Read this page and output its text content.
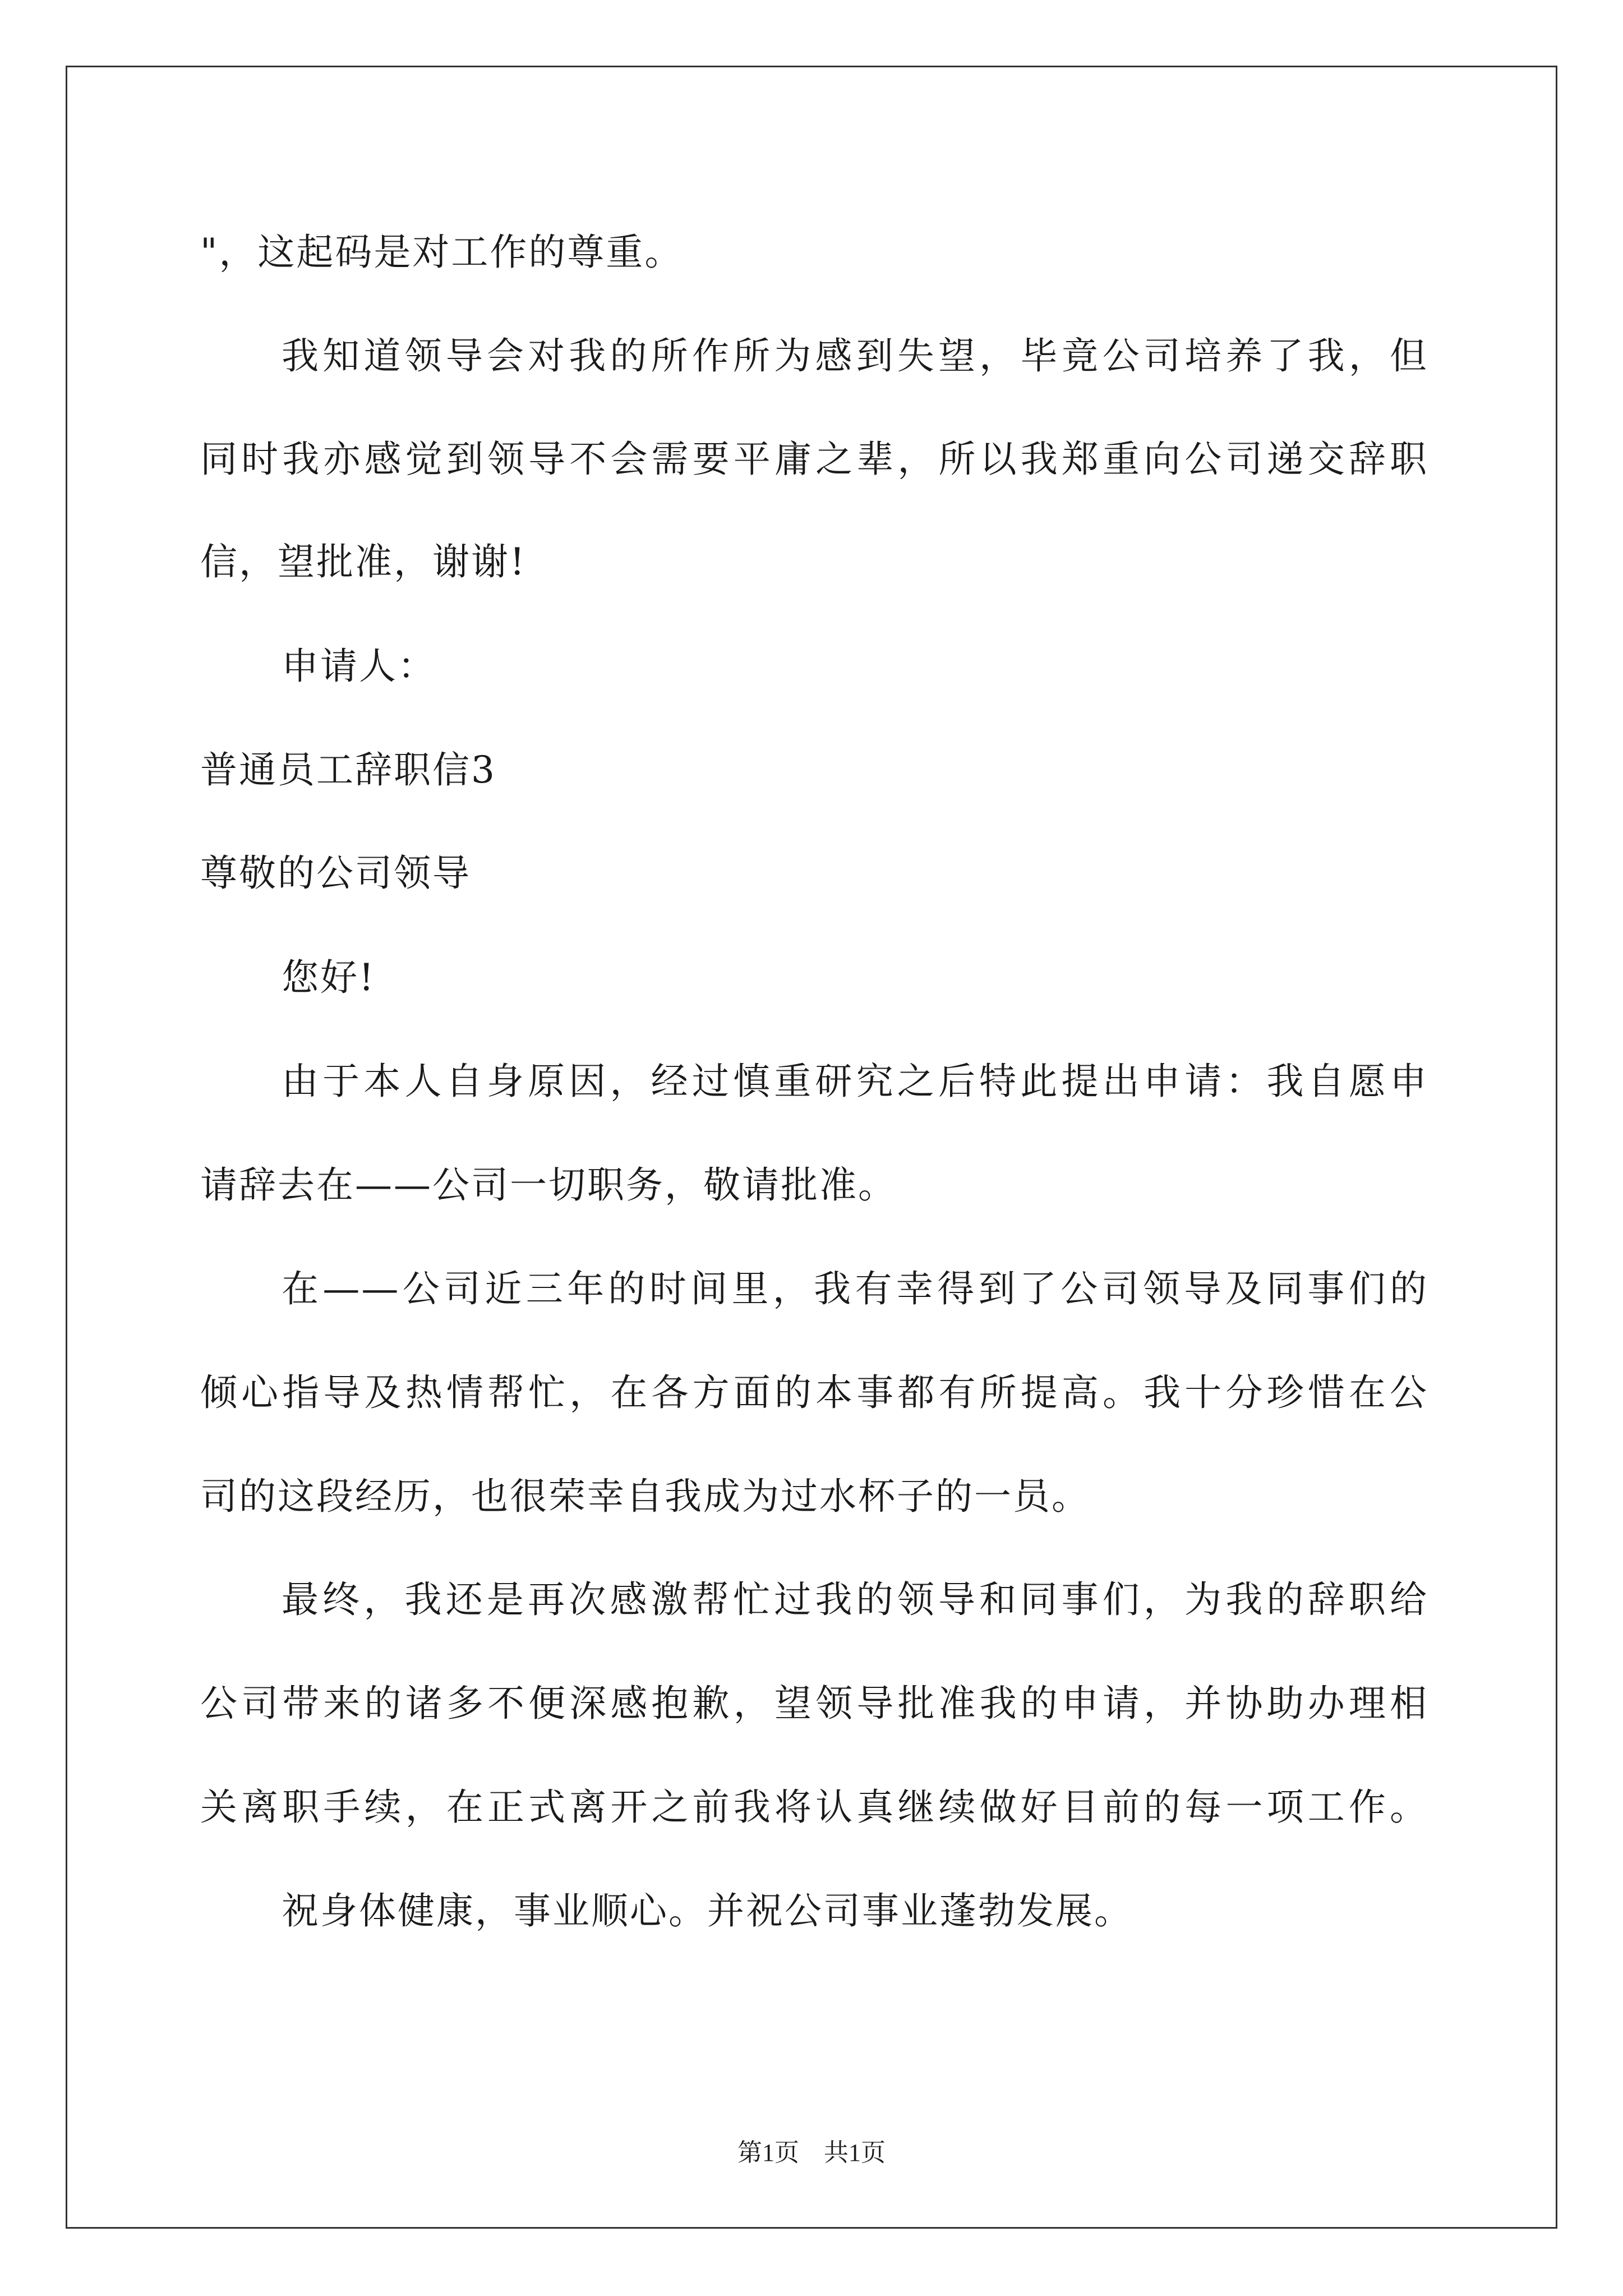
"，这起码是对工作的尊重。
我知道领导会对我的所作所为感到失望，毕竟公司培养了我，但
同时我亦感觉到领导不会需要平庸之辈，所以我郑重向公司递交辞职
信，望批准，谢谢!
申请人：
普通员工辞职信3
尊敬的公司领导
您好!
由于本人自身原因，经过慎重研究之后特此提出申请：我自愿申
请辞去在——公司一切职务，敬请批准。
在——公司近三年的时间里，我有幸得到了公司领导及同事们的
倾心指导及热情帮忙，在各方面的本事都有所提高。我十分珍惜在公
司的这段经历，也很荣幸自我成为过水杯子的一员。
最终，我还是再次感激帮忙过我的领导和同事们，为我的辞职给
公司带来的诸多不便深感抱歉，望领导批准我的申请，并协助办理相
关离职手续，在正式离开之前我将认真继续做好目前的每一项工作。
祝身体健康，事业顺心。并祝公司事业蓬勃发展。
第1页　共1页
